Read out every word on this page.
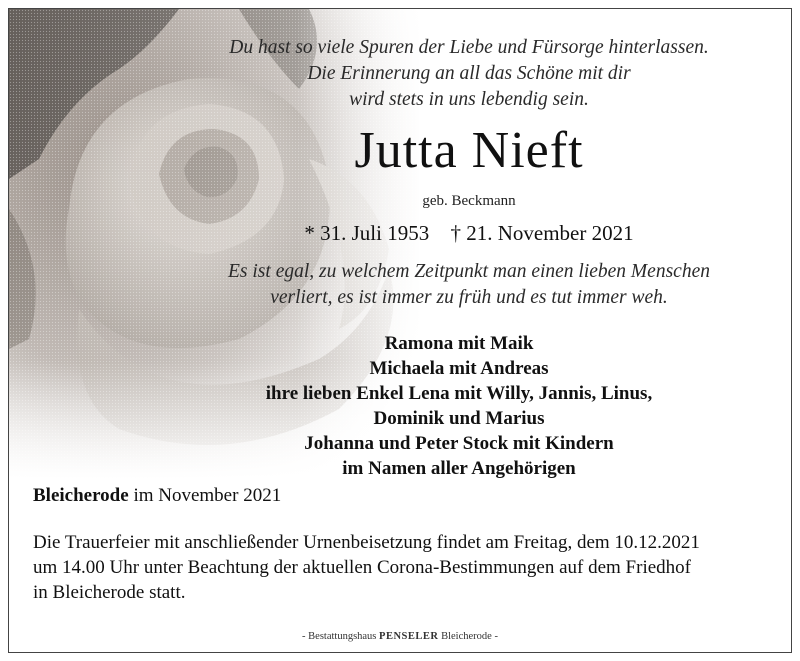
Du hast so viele Spuren der Liebe und Fürsorge hinterlassen.
Die Erinnerung an all das Schöne mit dir
wird stets in uns lebendig sein.
Jutta Nieft
geb. Beckmann
* 31. Juli 1953 † 21. November 2021
Es ist egal, zu welchem Zeitpunkt man einen lieben Menschen
verliert, es ist immer zu früh und es tut immer weh.
Ramona mit Maik
Michaela mit Andreas
ihre lieben Enkel Lena mit Willy, Jannis, Linus,
Dominik und Marius
Johanna und Peter Stock mit Kindern
im Namen aller Angehörigen
Bleicherode im November 2021
Die Trauerfeier mit anschließender Urnenbeisetzung findet am Freitag, dem 10.12.2021
um 14.00 Uhr unter Beachtung der aktuellen Corona-Bestimmungen auf dem Friedhof
in Bleicherode statt.
- Bestattungshaus PENSELER Bleicherode -
